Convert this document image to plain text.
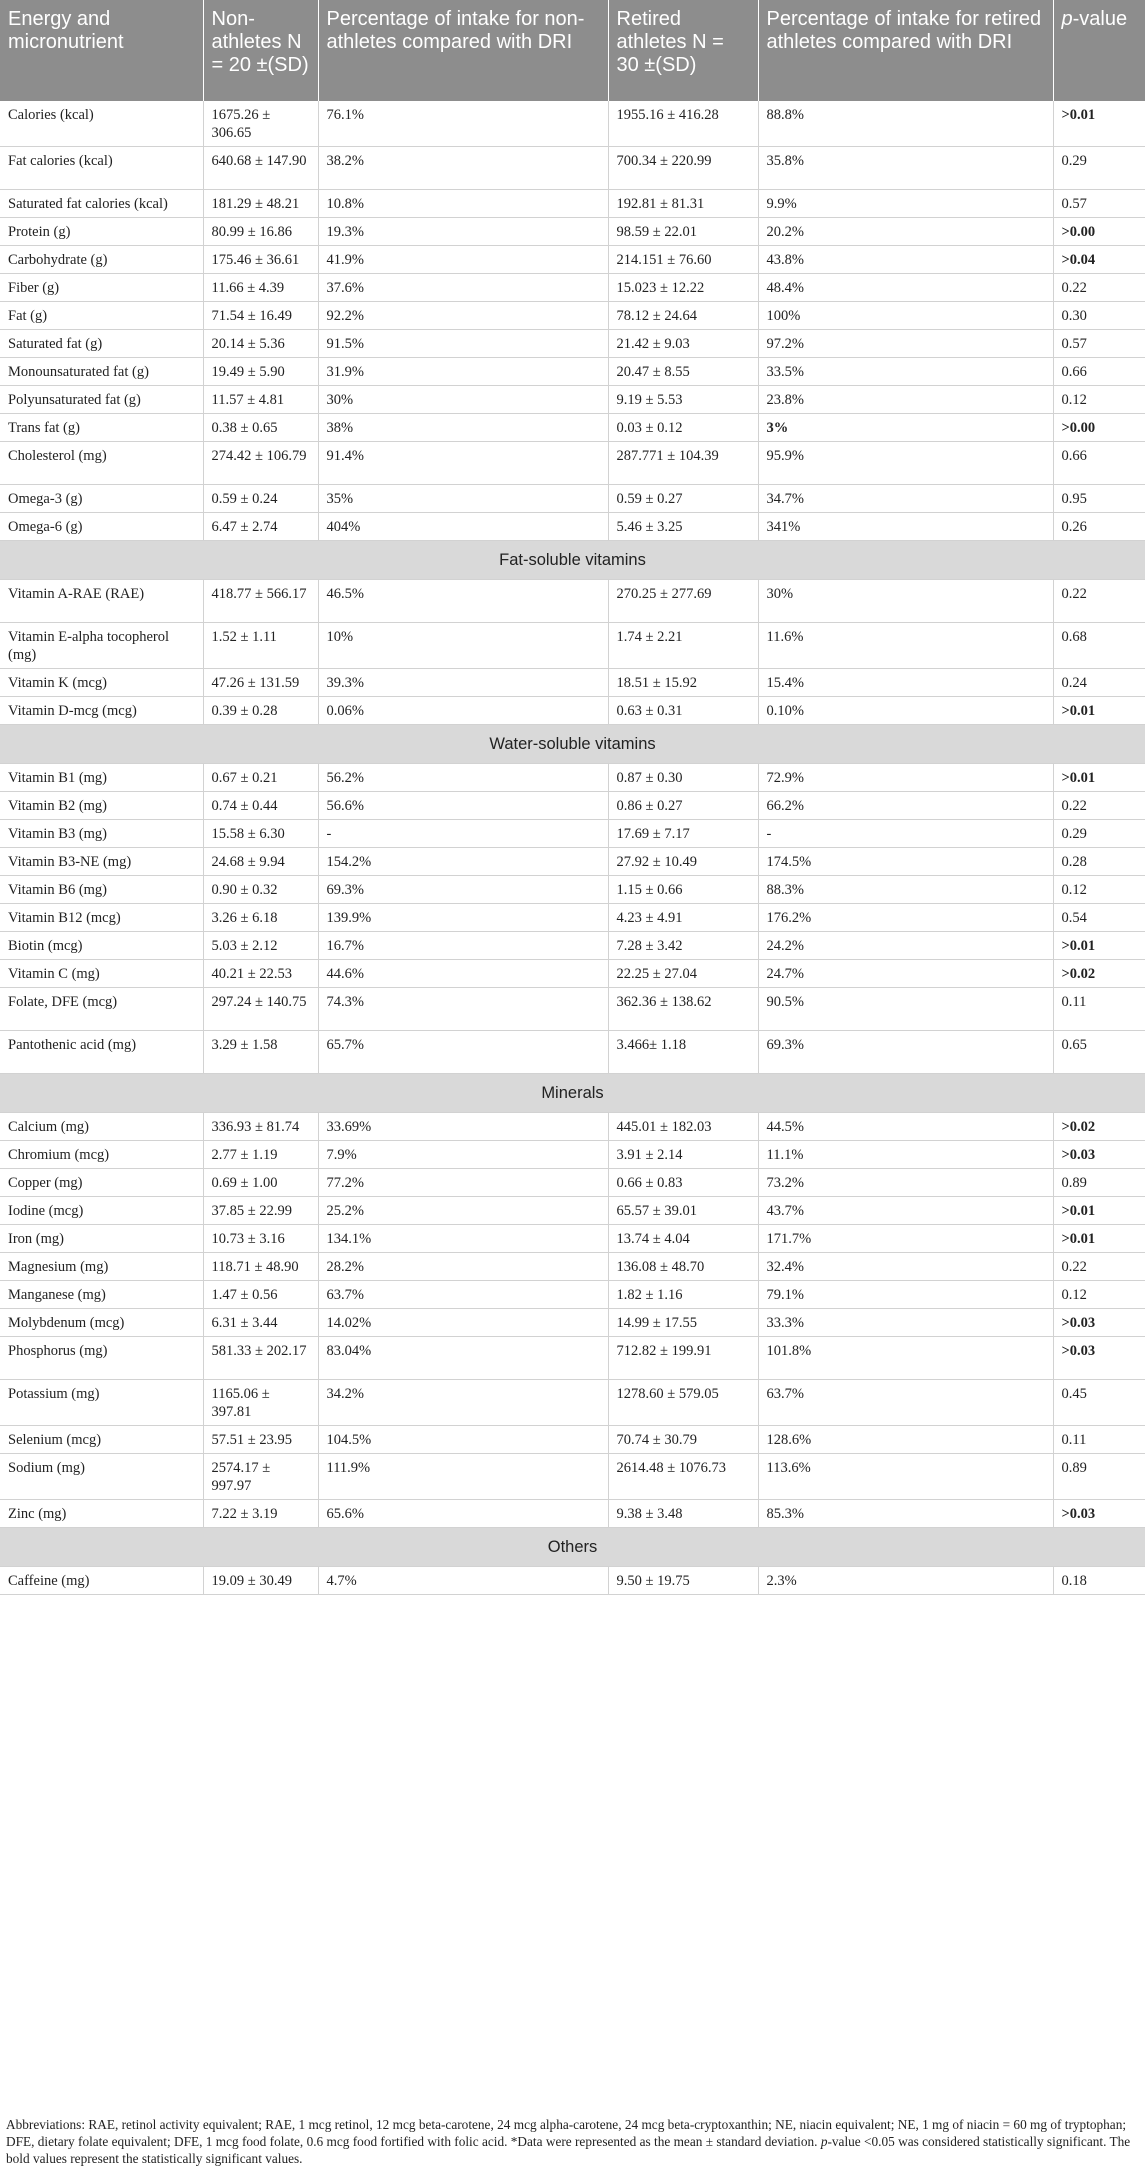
Energy and micronutrient	Non-athletes N = 20 ±(SD)	Percentage of intake for non-athletes compared with DRI	Retired athletes N = 30 ±(SD)	Percentage of intake for retired athletes compared with DRI	p-value
Calories (kcal)	1675.26 ± 306.65	76.1%	1955.16 ± 416.28	88.8%	>0.01
Fat calories (kcal)	640.68 ± 147.90	38.2%	700.34 ± 220.99	35.8%	0.29
Saturated fat calories (kcal)	181.29 ± 48.21	10.8%	192.81 ± 81.31	9.9%	0.57
Protein (g)	80.99 ± 16.86	19.3%	98.59 ± 22.01	20.2%	>0.00
Carbohydrate (g)	175.46 ± 36.61	41.9%	214.151 ± 76.60	43.8%	>0.04
Fiber (g)	11.66 ± 4.39	37.6%	15.023 ± 12.22	48.4%	0.22
Fat (g)	71.54 ± 16.49	92.2%	78.12 ± 24.64	100%	0.30
Saturated fat (g)	20.14 ± 5.36	91.5%	21.42 ± 9.03	97.2%	0.57
Monounsaturated fat (g)	19.49 ± 5.90	31.9%	20.47 ± 8.55	33.5%	0.66
Polyunsaturated fat (g)	11.57 ± 4.81	30%	9.19 ± 5.53	23.8%	0.12
Trans fat (g)	0.38 ± 0.65	38%	0.03 ± 0.12	3%	>0.00
Cholesterol (mg)	274.42 ± 106.79	91.4%	287.771 ± 104.39	95.9%	0.66
Omega-3 (g)	0.59 ± 0.24	35%	0.59 ± 0.27	34.7%	0.95
Omega-6 (g)	6.47 ± 2.74	404%	5.46 ± 3.25	341%	0.26
Fat-soluble vitamins					
Vitamin A-RAE (RAE)	418.77 ± 566.17	46.5%	270.25 ± 277.69	30%	0.22
Vitamin E-alpha tocopherol (mg)	1.52 ± 1.11	10%	1.74 ± 2.21	11.6%	0.68
Vitamin K (mcg)	47.26 ± 131.59	39.3%	18.51 ± 15.92	15.4%	0.24
Vitamin D-mcg (mcg)	0.39 ± 0.28	0.06%	0.63 ± 0.31	0.10%	>0.01
Water-soluble vitamins					
Vitamin B1 (mg)	0.67 ± 0.21	56.2%	0.87 ± 0.30	72.9%	>0.01
Vitamin B2 (mg)	0.74 ± 0.44	56.6%	0.86 ± 0.27	66.2%	0.22
Vitamin B3 (mg)	15.58 ± 6.30	-	17.69 ± 7.17	-	0.29
Vitamin B3-NE (mg)	24.68 ± 9.94	154.2%	27.92 ± 10.49	174.5%	0.28
Vitamin B6 (mg)	0.90 ± 0.32	69.3%	1.15 ± 0.66	88.3%	0.12
Vitamin B12 (mcg)	3.26 ± 6.18	139.9%	4.23 ± 4.91	176.2%	0.54
Biotin (mcg)	5.03 ± 2.12	16.7%	7.28 ± 3.42	24.2%	>0.01
Vitamin C (mg)	40.21 ± 22.53	44.6%	22.25 ± 27.04	24.7%	>0.02
Folate, DFE (mcg)	297.24 ± 140.75	74.3%	362.36 ± 138.62	90.5%	0.11
Pantothenic acid (mg)	3.29 ± 1.58	65.7%	3.466± 1.18	69.3%	0.65
Minerals					
Calcium (mg)	336.93 ± 81.74	33.69%	445.01 ± 182.03	44.5%	>0.02
Chromium (mcg)	2.77 ± 1.19	7.9%	3.91 ± 2.14	11.1%	>0.03
Copper (mg)	0.69 ± 1.00	77.2%	0.66 ± 0.83	73.2%	0.89
Iodine (mcg)	37.85 ± 22.99	25.2%	65.57 ± 39.01	43.7%	>0.01
Iron (mg)	10.73 ± 3.16	134.1%	13.74 ± 4.04	171.7%	>0.01
Magnesium (mg)	118.71 ± 48.90	28.2%	136.08 ± 48.70	32.4%	0.22
Manganese (mg)	1.47 ± 0.56	63.7%	1.82 ± 1.16	79.1%	0.12
Molybdenum (mcg)	6.31 ± 3.44	14.02%	14.99 ± 17.55	33.3%	>0.03
Phosphorus (mg)	581.33 ± 202.17	83.04%	712.82 ± 199.91	101.8%	>0.03
Potassium (mg)	1165.06 ± 397.81	34.2%	1278.60 ± 579.05	63.7%	0.45
Selenium (mcg)	57.51 ± 23.95	104.5%	70.74 ± 30.79	128.6%	0.11
Sodium (mg)	2574.17 ± 997.97	111.9%	2614.48 ± 1076.73	113.6%	0.89
Zinc (mg)	7.22 ± 3.19	65.6%	9.38 ± 3.48	85.3%	>0.03
Others					
Caffeine (mg)	19.09 ± 30.49	4.7%	9.50 ± 19.75	2.3%	0.18
Abbreviations: RAE, retinol activity equivalent; RAE, 1 mcg retinol, 12 mcg beta-carotene, 24 mcg alpha-carotene, 24 mcg beta-cryptoxanthin; NE, niacin equivalent; NE, 1 mg of niacin = 60 mg of tryptophan; DFE, dietary folate equivalent; DFE, 1 mcg food folate, 0.6 mcg food fortified with folic acid. *Data were represented as the mean ± standard deviation. p-value <0.05 was considered statistically significant. The bold values represent the statistically significant values.
